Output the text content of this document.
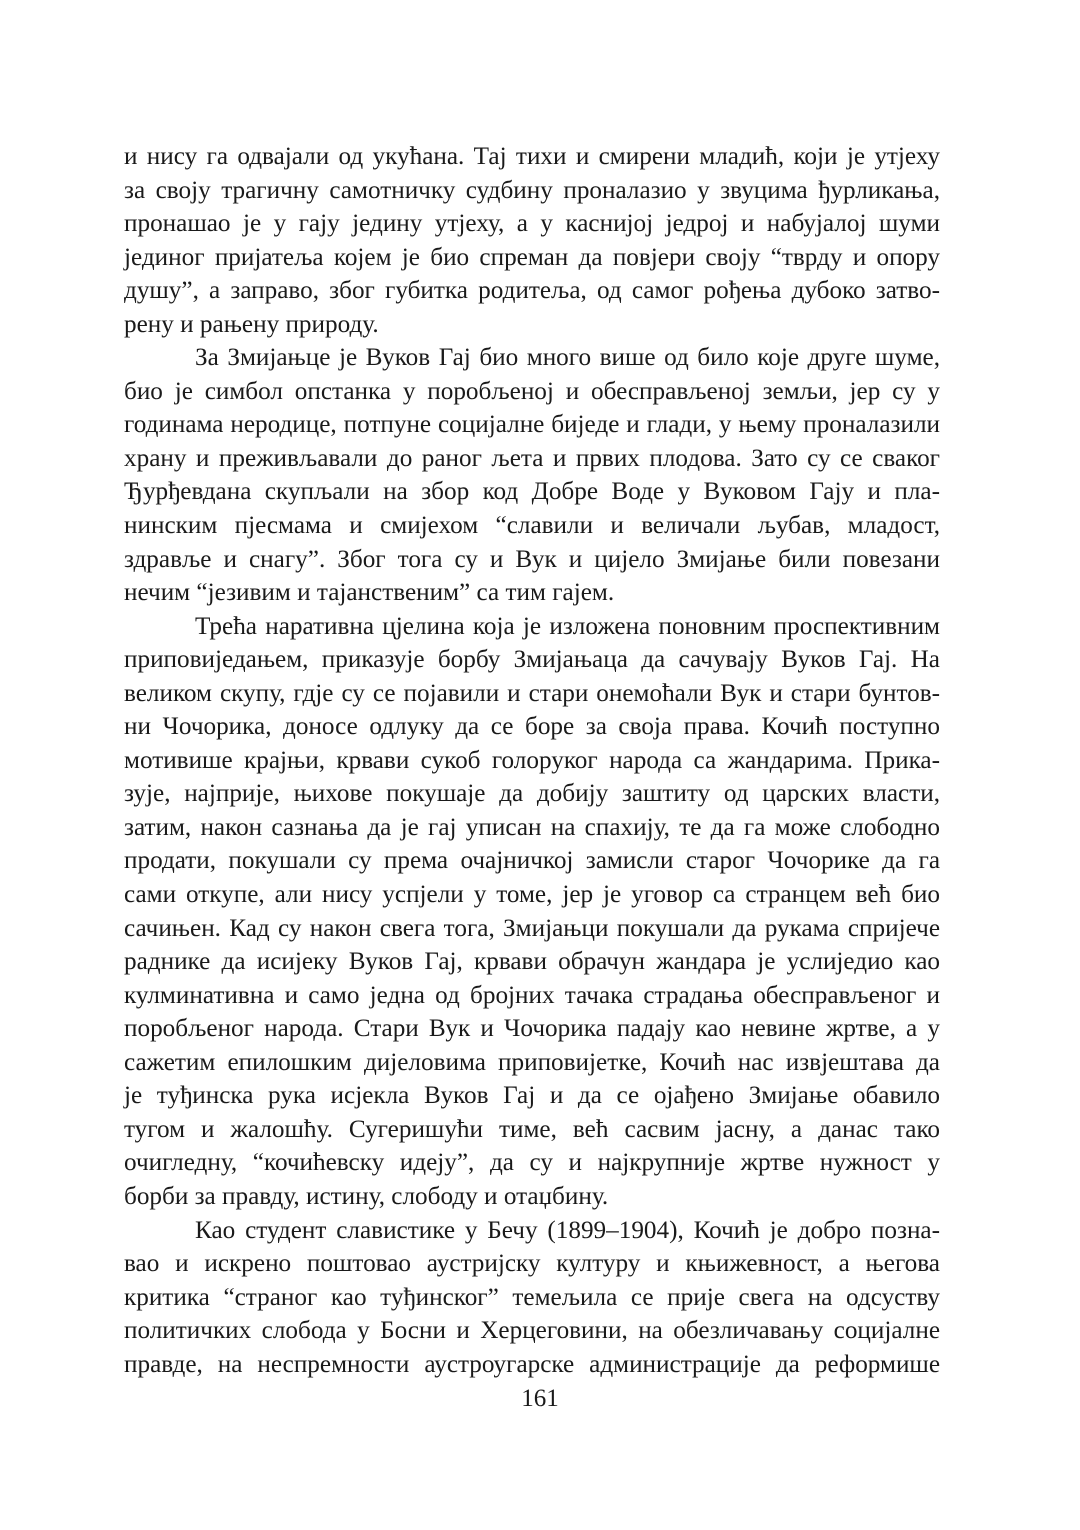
и нису га одвајали од укућана. Тај тихи и смирени младић, који је утјеху
за своју трагичну самотничку судбину проналазио у звуцима ђурликања,
пронашао је у гају једину утјеху, а у каснијој једрој и набујалој шуми
јединог пријатеља којем је био спреман да повјери своју “тврду и опору
душу”, а заправо, због губитка родитеља, од самог рођења дубоко затво-
рену и рањену природу.

За Змијањце је Вуков Гај био много више од било које друге шуме,
био је симбол опстанка у поробљеној и обесправљеној земљи, јер су у
годинама неродице, потпуне социјалне биједе и глади, у њему проналазили
храну и преживљавали до раног љета и првих плодова. Зато су се сваког
Ђурђевдана скупљали на збор код Добре Воде у Вуковом Гају и пла-
нинским пјесмама и смијехом “славили и величали љубав, младост,
здравље и снагу”. Због тога су и Вук и цијело Змијање били повезани
нечим “језивим и тајанственим” са тим гајем.

Трећа наративна цјелина која је изложена поновним проспективним
приповиједањем, приказује борбу Змијањаца да сачувају Вуков Гај. На
великом скупу, гдје су се појавили и стари онемоћали Вук и стари бунтов-
ни Чочорика, доносе одлуку да се боре за своја права. Кочић поступно
мотивише крајњи, крвави сукоб голоруког народа са жандарима. Прика-
зује, најприје, њихове покушаје да добију заштиту од царских власти,
затим, након сазнања да је гај уписан на спахију, те да га може слободно
продати, покушали су према очајничкој замисли старог Чочорике да га
сами откупе, али нису успјели у томе, јер је уговор са странцем већ био
сачињен. Кад су након свега тога, Змијањци покушали да рукама спријече
раднике да исијеку Вуков Гај, крвави обрачун жандара је услиједио као
кулминативна и само једна од бројних тачака страдања обесправљеног и
поробљеног народа. Стари Вук и Чочорика падају као невине жртве, а у
сажетим епилошким дијеловима приповијетке, Кочић нас извјештава да
је туђинска рука исјекла Вуков Гај и да се ојађено Змијање обавило
тугом и жалошћу. Сугеришући тиме, већ сасвим јасну, а данас тако
очигледну, “кочићевску идеју”, да су и најкрупније жртве нужност у
борби за правду, истину, слободу и отаџбину.

Као студент славистике у Бечу (1899–1904), Кочић је добро позна-
вао и искрено поштовао аустријску културу и књижевност, а његова
критика “страног као туђинског” темељила се прије свега на одсуству
политичких слобода у Босни и Херцеговини, на обезличавању социјалне
правде, на неспремности аустроугарске администрације да реформише

161
